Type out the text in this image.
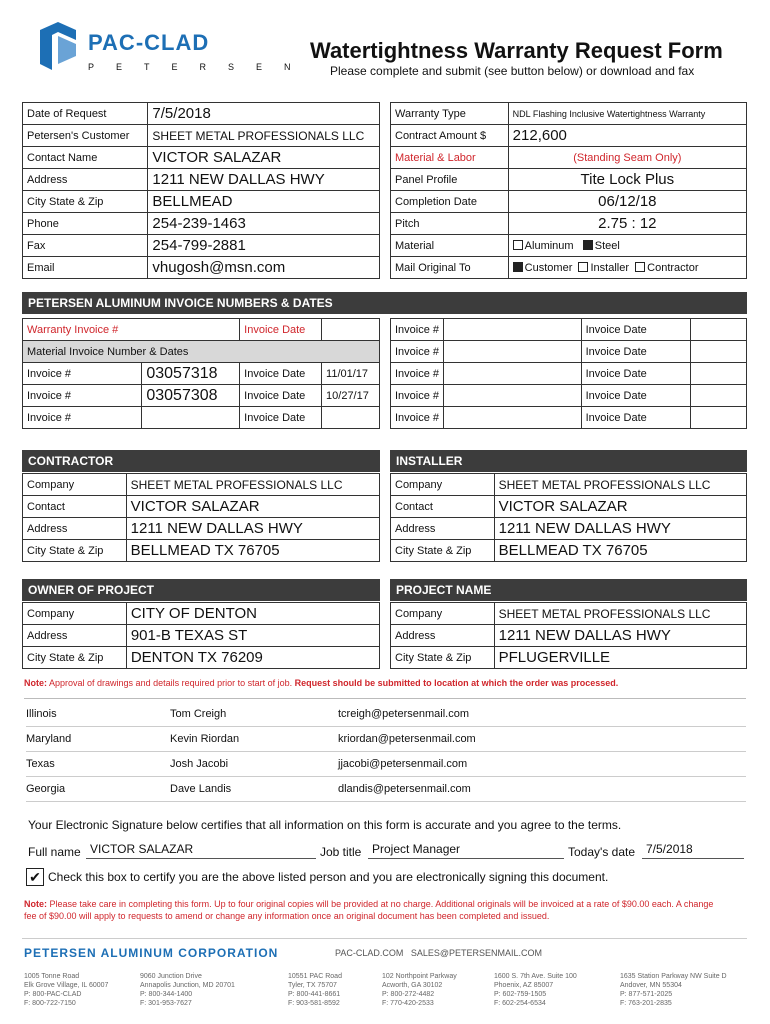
PAC-CLAD
PETERSEN
Watertightness Warranty Request Form
Please complete and submit (see button below) or download and fax
Date of Request	7/5/2018
Petersen's Customer	SHEET METAL PROFESSIONALS LLC
Contact Name	VICTOR SALAZAR
Address	1211 NEW DALLAS HWY
City State & Zip	BELLMEAD
Phone	254-239-1463
Fax	254-799-2881
Email	vhugosh@msn.com
Warranty Type	NDL Flashing Inclusive Watertightness Warranty
Contract Amount $	212,600
Material & Labor	(Standing Seam Only)
Panel Profile	Tite Lock Plus
Completion Date	06/12/18
Pitch	2.75 : 12
Material	Aluminum Steel
Mail Original To	Customer Installer Contractor
PETERSEN ALUMINUM INVOICE NUMBERS & DATES
Warranty Invoice #		Invoice Date	
Material Invoice Number & Dates			
Invoice #	03057318	Invoice Date	11/01/17
Invoice #	03057308	Invoice Date	10/27/17
Invoice #		Invoice Date	
Invoice #		Invoice Date	
Invoice #		Invoice Date	
Invoice #		Invoice Date	
Invoice #		Invoice Date	
Invoice #		Invoice Date	
CONTRACTOR
Company	SHEET METAL PROFESSIONALS LLC
Contact	VICTOR SALAZAR
Address	1211 NEW DALLAS HWY
City State & Zip	BELLMEAD TX 76705
INSTALLER
Company	SHEET METAL PROFESSIONALS LLC
Contact	VICTOR SALAZAR
Address	1211 NEW DALLAS HWY
City State & Zip	BELLMEAD TX 76705
OWNER OF PROJECT
Company	CITY OF DENTON
Address	901-B TEXAS ST
City State & Zip	DENTON TX 76209
PROJECT NAME
Company	SHEET METAL PROFESSIONALS LLC
Address	1211 NEW DALLAS HWY
City State & Zip	PFLUGERVILLE
Note: Approval of drawings and details required prior to start of job. Request should be submitted to location at which the order was processed.
Illinois	Tom Creigh	tcreigh@petersenmail.com
Maryland	Kevin Riordan	kriordan@petersenmail.com
Texas	Josh Jacobi	jjacobi@petersenmail.com
Georgia	Dave Landis	dlandis@petersenmail.com
Your Electronic Signature below certifies that all information on this form is accurate and you agree to the terms.
Full name VICTOR SALAZAR	Job title Project Manager	Today's date 7/5/2018
✔ Check this box to certify you are the above listed person and you are electronically signing this document.
Note: Please take care in completing this form. Up to four original copies will be provided at no charge. Additional originals will be invoiced at a rate of $90.00 each. A change fee of $90.00 will apply to requests to amend or change any information once an original document has been completed and issued.
PETERSEN ALUMINUM CORPORATION	PAC-CLAD.COM   SALES@PETERSENMAIL.COM
1005 Tonne Road
Elk Grove Village, IL 60007
P: 800-PAC-CLAD
F: 800-722-7150
9060 Junction Drive
Annapolis Junction, MD 20701
P: 800-344-1400
F: 301-953-7627
10551 PAC Road
Tyler, TX 75707
P: 800-441-8661
F: 903-581-8592
102 Northpoint Parkway
Acworth, GA 30102
P: 800-272-4482
F: 770-420-2533
1600 S. 7th Ave. Suite 100
Phoenix, AZ 85007
P: 602-759-1505
F: 602-254-6534
1635 Station Parkway NW Suite D
Andover, MN 55304
P: 877-571-2025
F: 763-201-2835
